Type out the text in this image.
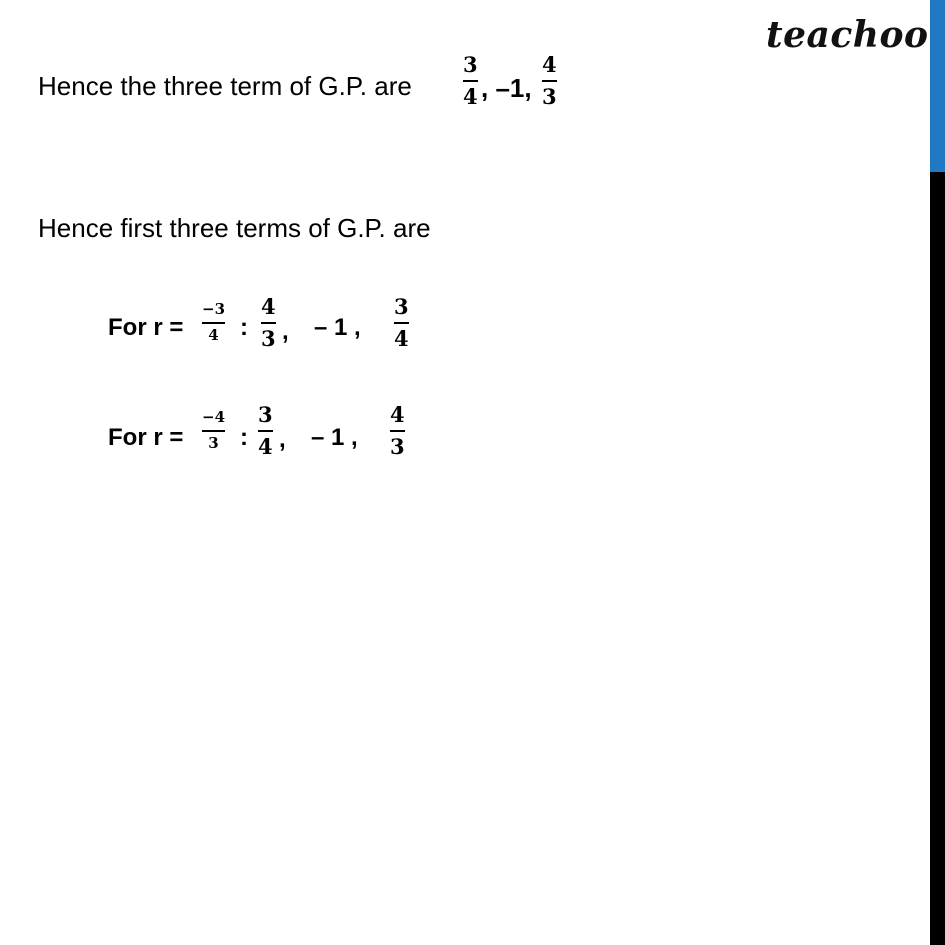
teachoo
Hence the three term of G.P. are
3
4 , –1,
4
3
Hence first three terms of G.P. are
For r =
−3
4 :
4
3 , – 1 ,
3
4
For r =
−4
3 :
3
4 , – 1 ,
4
3
